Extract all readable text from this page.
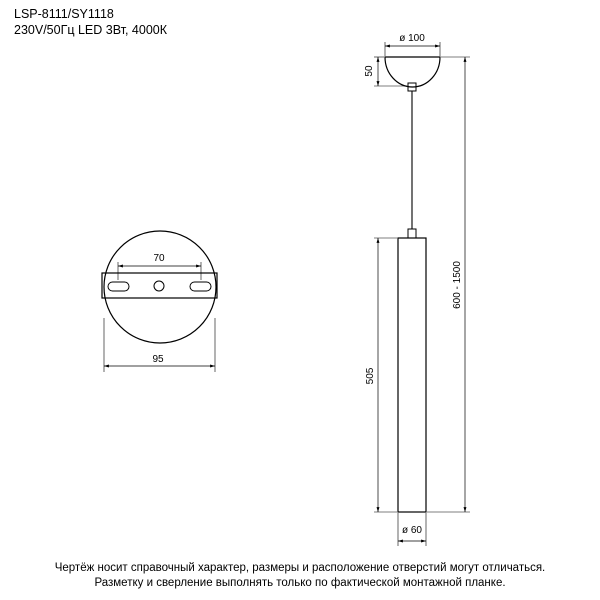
LSP-8111/SY1118
230V/50Гц LED 3Вт, 4000К
70
95
ø 100
50
600 - 1500
505
ø 60
Чертёж носит справочный характер, размеры и расположение отверстий могут отличаться.
Разметку и сверление выполнять только по фактической монтажной планке.
